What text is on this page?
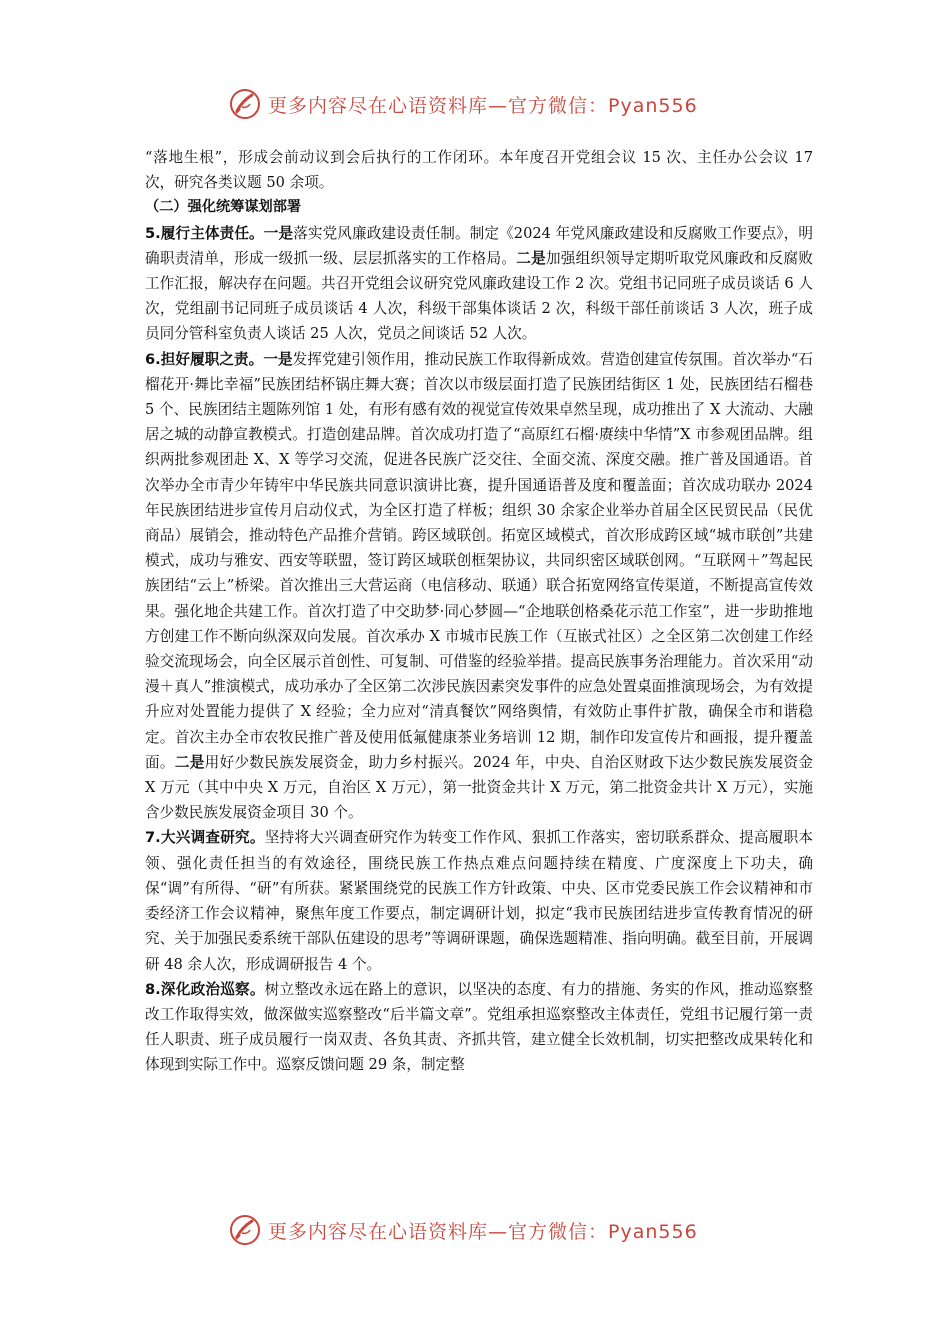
更多内容尽在心语资料库—官方微信：Pyan556

“落地生根”，形成会前动议到会后执行的工作闭环。本年度召开党组会议 15 次、主任办公会议 17 次，研究各类议题 50 余项。

（二）强化统筹谋划部署

5.履行主体责任。一是落实党风廉政建设责任制。制定《2024 年党风廉政建设和反腐败工作要点》，明确职责清单，形成一级抓一级、层层抓落实的工作格局。二是加强组织领导定期听取党风廉政和反腐败工作汇报，解决存在问题。共召开党组会议研究党风廉政建设工作 2 次。党组书记同班子成员谈话 6 人次，党组副书记同班子成员谈话 4 人次，科级干部集体谈话 2 次，科级干部任前谈话 3 人次，班子成员同分管科室负责人谈话 25 人次，党员之间谈话 52 人次。

6.担好履职之责。一是发挥党建引领作用，推动民族工作取得新成效。营造创建宣传氛围。首次举办“石榴花开·舞比幸福”民族团结杯锅庄舞大赛；首次以市级层面打造了民族团结街区 1 处，民族团结石榴巷 5 个、民族团结主题陈列馆 1 处，有形有感有效的视觉宣传效果卓然呈现，成功推出了 X 大流动、大融居之城的动静宣教模式。打造创建品牌。首次成功打造了“高原红石榴·赓续中华情”X 市参观团品牌。组织两批参观团赴 X、X 等学习交流，促进各民族广泛交往、全面交流、深度交融。推广普及国通语。首次举办全市青少年铸牢中华民族共同意识演讲比赛，提升国通语普及度和覆盖面；首次成功联办 2024 年民族团结进步宣传月启动仪式，为全区打造了样板；组织 30 余家企业举办首届全区民贸民品（民优商品）展销会，推动特色产品推介营销。跨区域联创。拓宽区域模式，首次形成跨区域“城市联创”共建模式，成功与雅安、西安等联盟，签订跨区域联创框架协议，共同织密区域联创网。“互联网＋”驾起民族团结“云上”桥梁。首次推出三大营运商（电信移动、联通）联合拓宽网络宣传渠道，不断提高宣传效果。强化地企共建工作。首次打造了中交助梦·同心梦圆—“企地联创格桑花示范工作室”，进一步助推地方创建工作不断向纵深双向发展。首次承办 X 市城市民族工作（互嵌式社区）之全区第二次创建工作经验交流现场会，向全区展示首创性、可复制、可借鉴的经验举措。提高民族事务治理能力。首次采用“动漫＋真人”推演模式，成功承办了全区第二次涉民族因素突发事件的应急处置桌面推演现场会，为有效提升应对处置能力提供了 X 经验；全力应对“清真餐饮”网络舆情，有效防止事件扩散，确保全市和谐稳定。首次主办全市农牧民推广普及使用低氟健康茶业务培训 12 期，制作印发宣传片和画报，提升覆盖面。二是用好少数民族发展资金，助力乡村振兴。2024 年，中央、自治区财政下达少数民族发展资金 X 万元（其中中央 X 万元，自治区 X 万元），第一批资金共计 X 万元，第二批资金共计 X 万元），实施含少数民族发展资金项目 30 个。

7.大兴调查研究。坚持将大兴调查研究作为转变工作作风、狠抓工作落实，密切联系群众、提高履职本领、强化责任担当的有效途径，围绕民族工作热点难点问题持续在精度、广度深度上下功夫，确保“调”有所得、“研”有所获。紧紧围绕党的民族工作方针政策、中央、区市党委民族工作会议精神和市委经济工作会议精神，聚焦年度工作要点，制定调研计划，拟定“我市民族团结进步宣传教育情况的研究、关于加强民委系统干部队伍建设的思考”等调研课题，确保选题精准、指向明确。截至目前，开展调研 48 余人次，形成调研报告 4 个。

8.深化政治巡察。树立整改永远在路上的意识，以坚决的态度、有力的措施、务实的作风，推动巡察整改工作取得实效，做深做实巡察整改“后半篇文章”。党组承担巡察整改主体责任，党组书记履行第一责任人职责、班子成员履行一岗双责、各负其责、齐抓共管，建立健全长效机制，切实把整改成果转化和体现到实际工作中。巡察反馈问题 29 条，制定整

更多内容尽在心语资料库—官方微信：Pyan556
